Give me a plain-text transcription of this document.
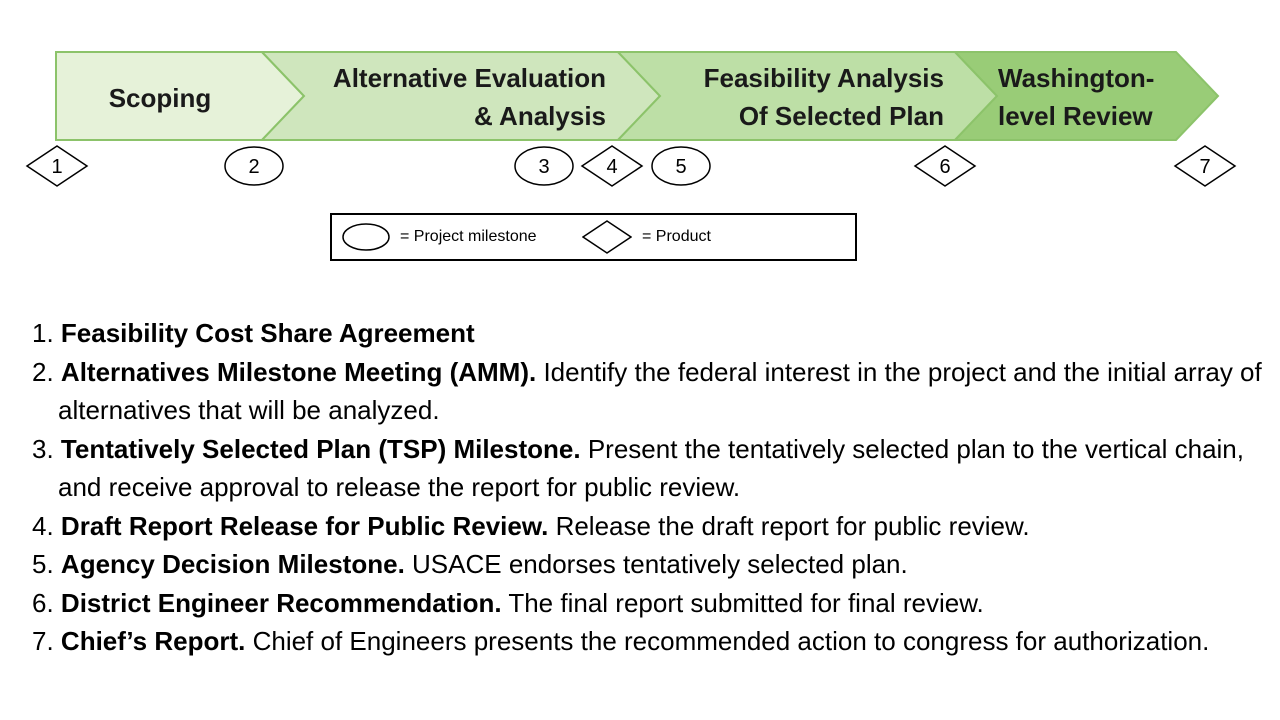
Scoping
Alternative Evaluation
& Analysis
Feasibility Analysis
Of Selected Plan
Washington-
level Review
1	2	3	4	5	6	7
= Project milestone	= Product
1. Feasibility Cost Share Agreement
2. Alternatives Milestone Meeting (AMM). Identify the federal interest in the project and the initial array of alternatives that will be analyzed.
3. Tentatively Selected Plan (TSP) Milestone. Present the tentatively selected plan to the vertical chain, and receive approval to release the report for public review.
4. Draft Report Release for Public Review. Release the draft report for public review.
5. Agency Decision Milestone. USACE endorses tentatively selected plan.
6. District Engineer Recommendation. The final report submitted for final review.
7. Chief’s Report. Chief of Engineers presents the recommended action to congress for authorization.
